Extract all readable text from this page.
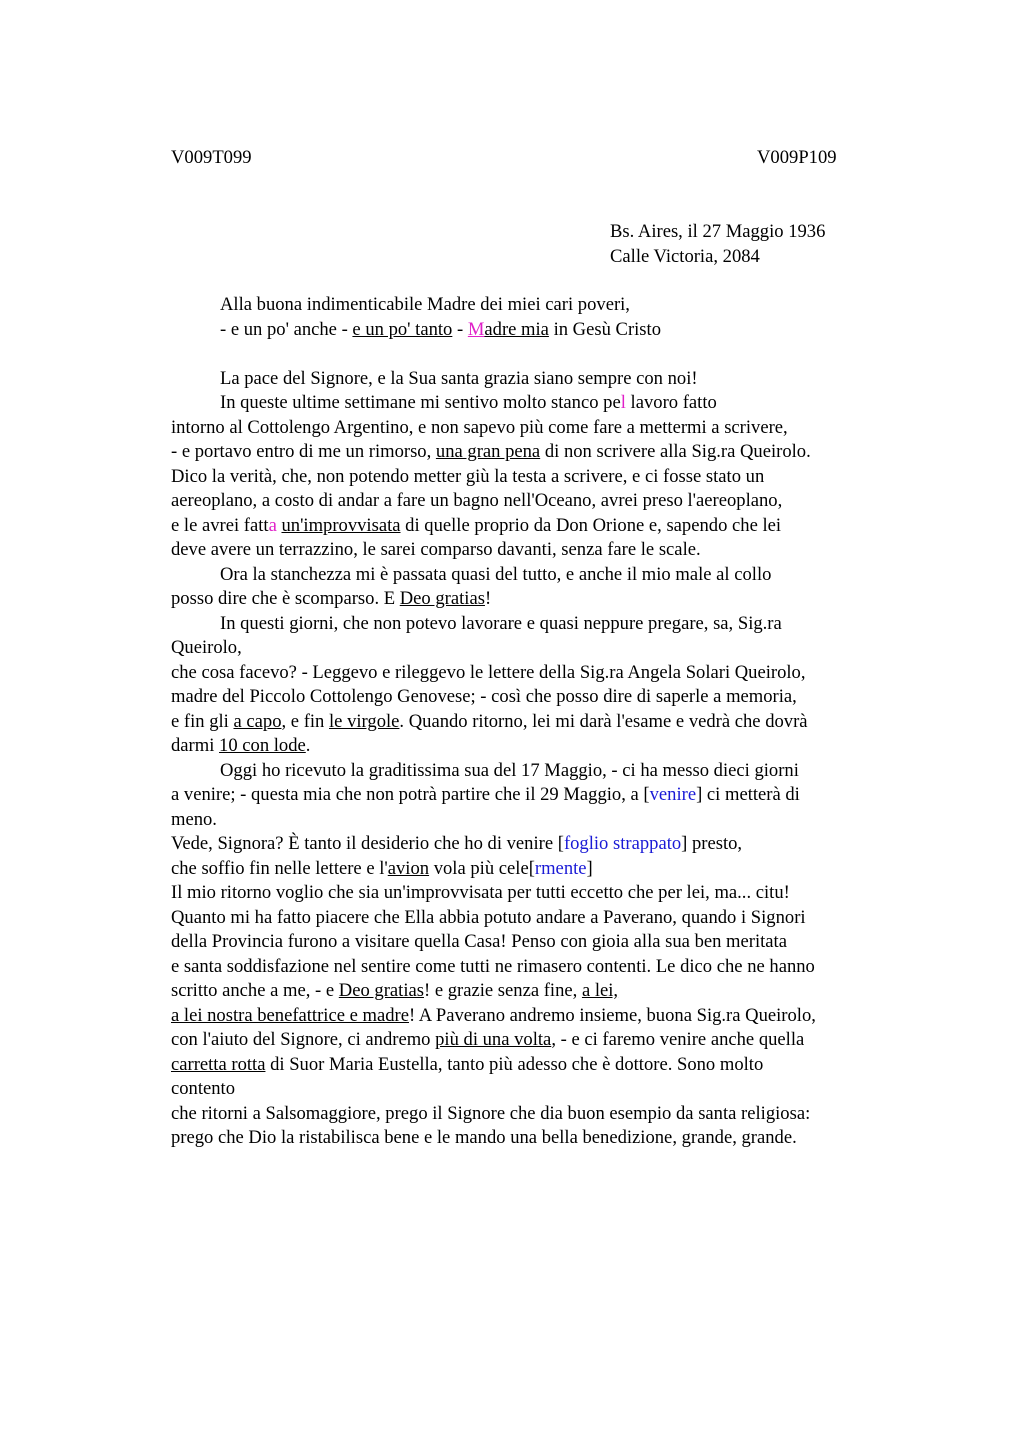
V009T099	V009P109
Bs. Aires, il 27 Maggio 1936
Calle Victoria, 2084
Alla buona indimenticabile Madre dei miei cari poveri,
- e un po' anche - e un po' tanto - Madre mia in Gesù Cristo
La pace del Signore, e la Sua santa grazia siano sempre con noi!
In queste ultime settimane mi sentivo molto stanco pel lavoro fatto
intorno al Cottolengo Argentino, e non sapevo più come fare a mettermi a scrivere,
- e portavo entro di me un rimorso, una gran pena di non scrivere alla Sig.ra Queirolo.
Dico la verità, che, non potendo metter giù la testa a scrivere, e ci fosse stato un
aereoplano, a costo di andar a fare un bagno nell'Oceano, avrei preso l'aereoplano,
e le avrei fatta un'improvvisata di quelle proprio da Don Orione e, sapendo che lei
deve avere un terrazzino, le sarei comparso davanti, senza fare le scale.
Ora la stanchezza mi è passata quasi del tutto, e anche il mio male al collo
posso dire che è scomparso. E Deo gratias!
In questi giorni, che non potevo lavorare e quasi neppure pregare, sa, Sig.ra
Queirolo,
che cosa facevo? - Leggevo e rileggevo le lettere della Sig.ra Angela Solari Queirolo,
madre del Piccolo Cottolengo Genovese; - così che posso dire di saperle a memoria,
e fin gli a capo, e fin le virgole. Quando ritorno, lei mi darà l'esame e vedrà che dovrà
darmi 10 con lode.
Oggi ho ricevuto la graditissima sua del 17 Maggio, - ci ha messo dieci giorni
a venire; - questa mia che non potrà partire che il 29 Maggio, a [venire] ci metterà di
meno.
Vede, Signora? È tanto il desiderio che ho di venire [foglio strappato] presto,
che soffio fin nelle lettere e l'avion vola più cele[rmente]
Il mio ritorno voglio che sia un'improvvisata per tutti eccetto che per lei, ma... citu!
Quanto mi ha fatto piacere che Ella abbia potuto andare a Paverano, quando i Signori
della Provincia furono a visitare quella Casa! Penso con gioia alla sua ben meritata
e santa soddisfazione nel sentire come tutti ne rimasero contenti. Le dico che ne hanno
scritto anche a me, - e Deo gratias! e grazie senza fine, a lei,
a lei nostra benefattrice e madre! A Paverano andremo insieme, buona Sig.ra Queirolo,
con l'aiuto del Signore, ci andremo più di una volta, - e ci faremo venire anche quella
carretta rotta di Suor Maria Eustella, tanto più adesso che è dottore. Sono molto
contento
che ritorni a Salsomaggiore, prego il Signore che dia buon esempio da santa religiosa:
prego che Dio la ristabilisca bene e le mando una bella benedizione, grande, grande.
